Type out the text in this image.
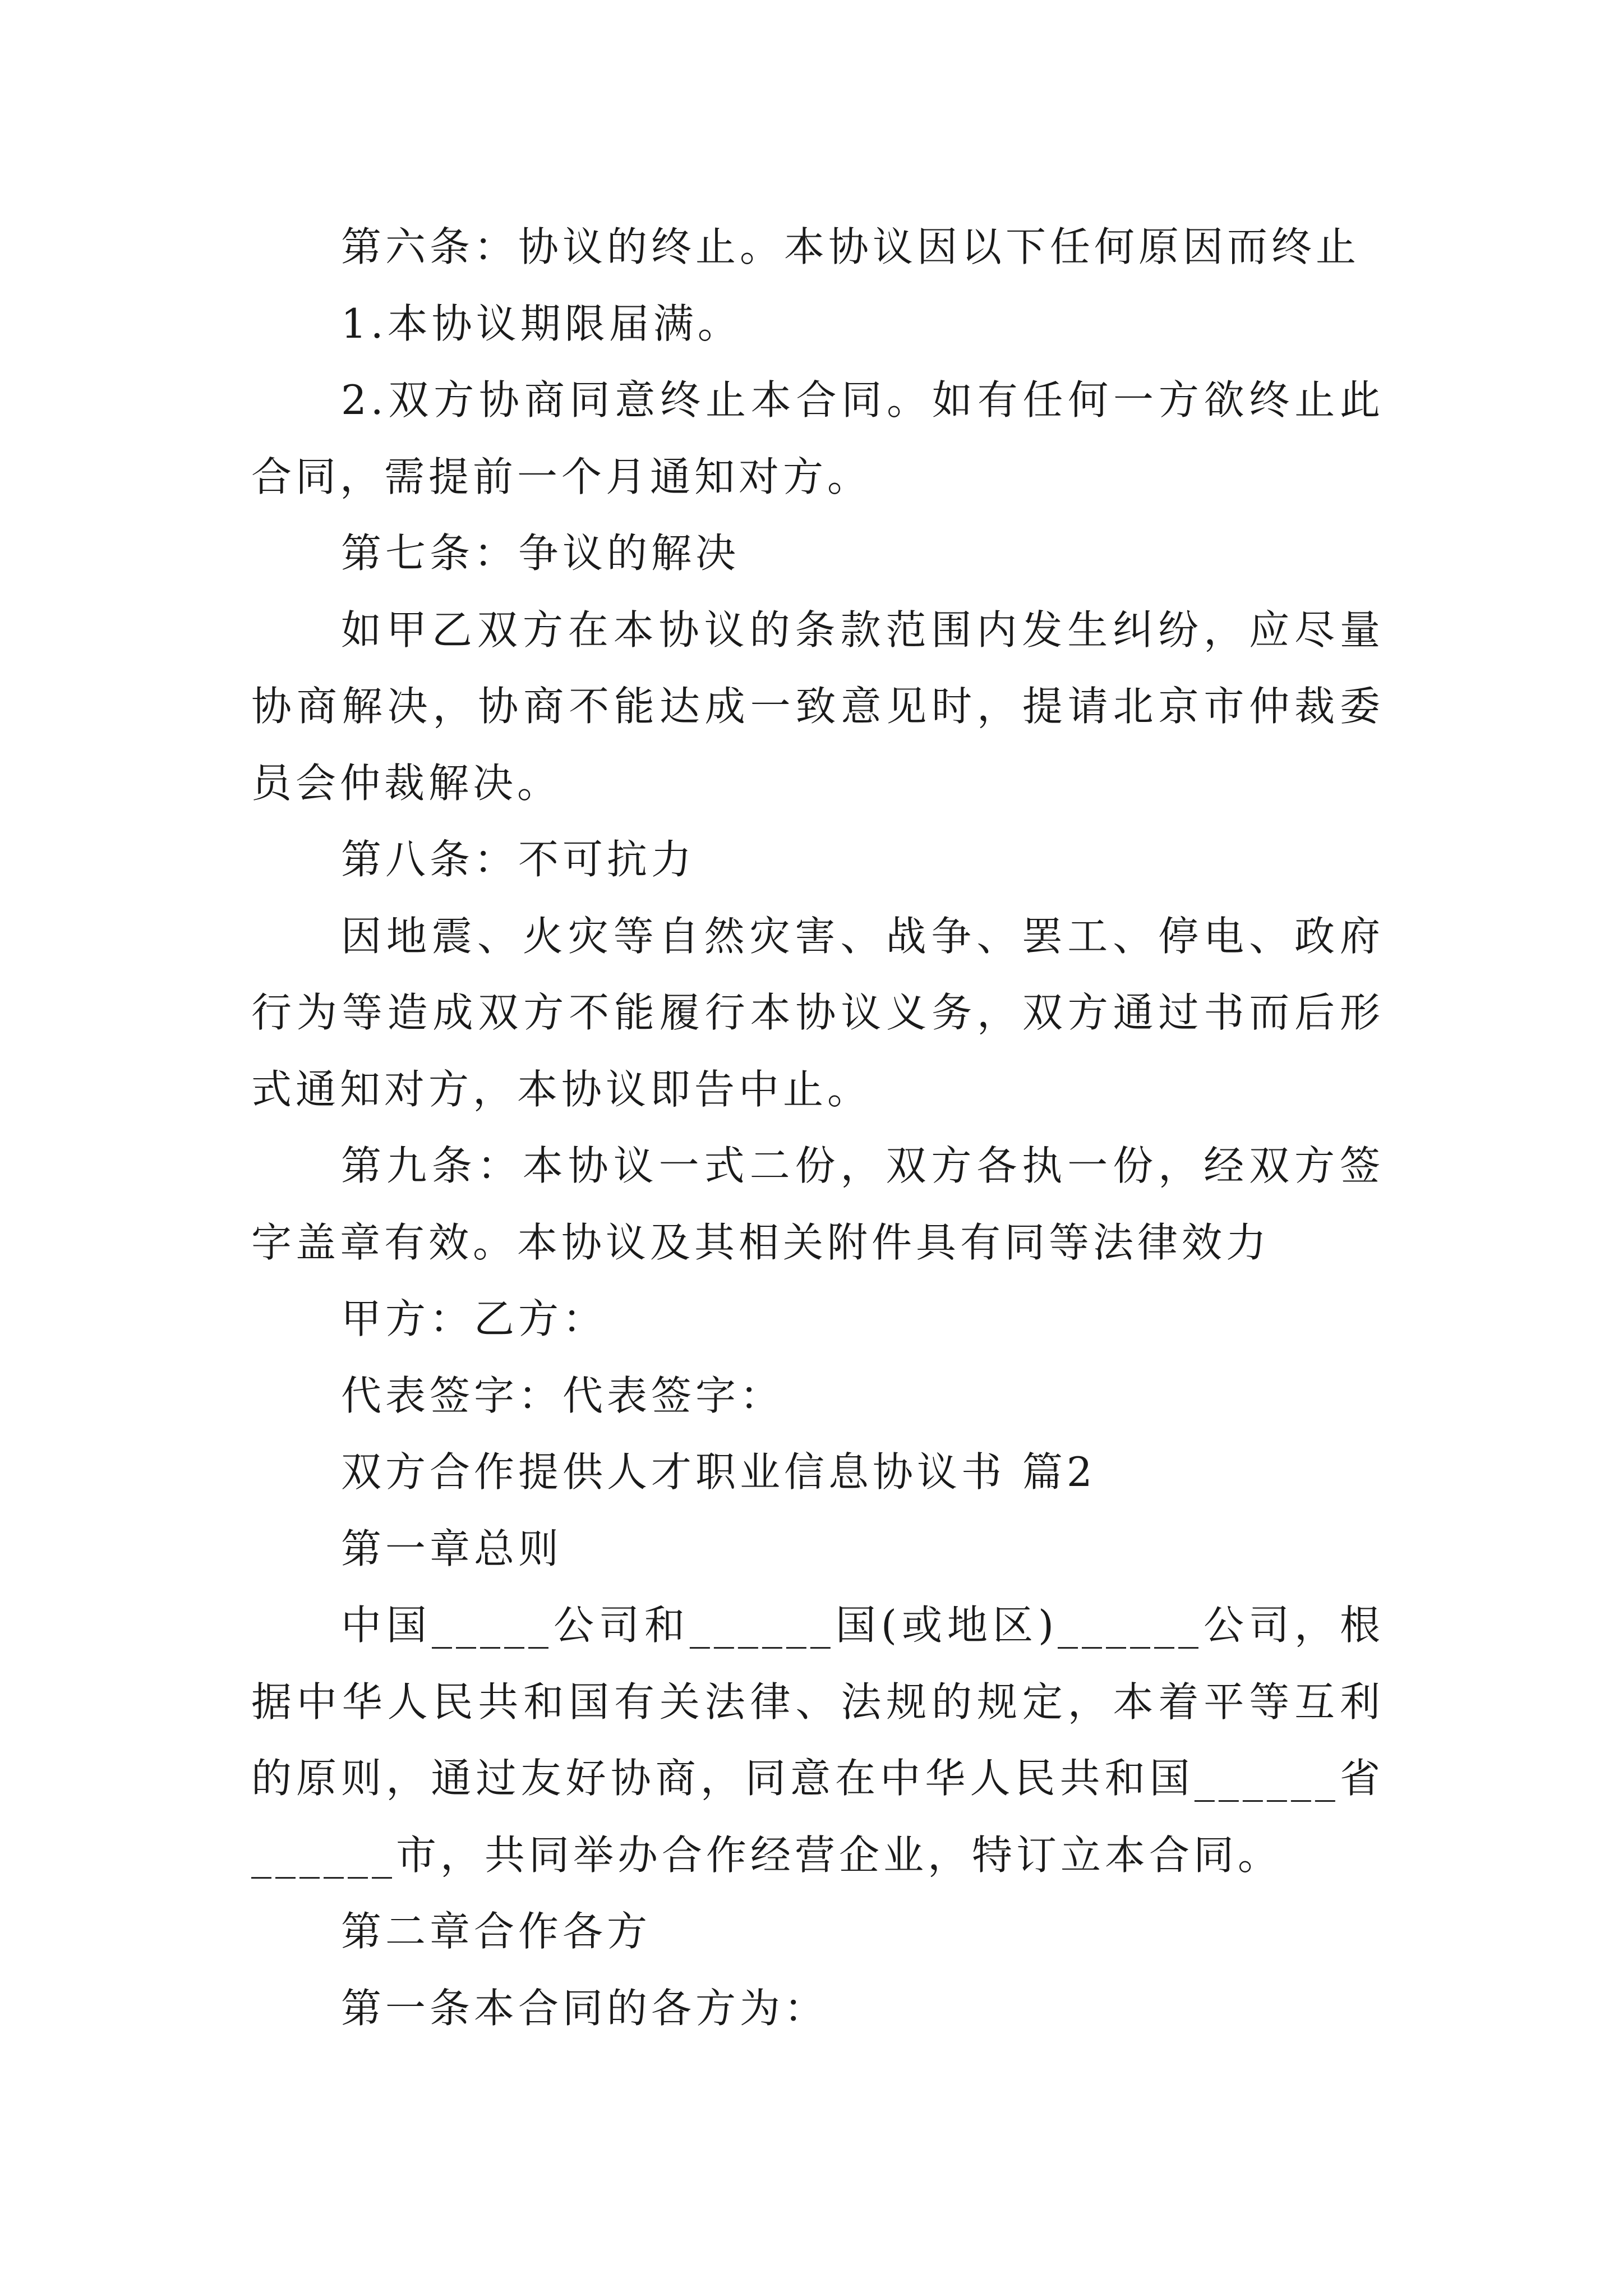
第六条：协议的终止。本协议因以下任何原因而终止

1.本协议期限届满。

2.双方协商同意终止本合同。如有任何一方欲终止此合同，需提前一个月通知对方。

第七条：争议的解决

如甲乙双方在本协议的条款范围内发生纠纷，应尽量协商解决，协商不能达成一致意见时，提请北京市仲裁委员会仲裁解决。

第八条：不可抗力

因地震、火灾等自然灾害、战争、罢工、停电、政府行为等造成双方不能履行本协议义务，双方通过书而后形式通知对方，本协议即告中止。

第九条：本协议一式二份，双方各执一份，经双方签字盖章有效。本协议及其相关附件具有同等法律效力

甲方：乙方：

代表签字：代表签字：

双方合作提供人才职业信息协议书 篇2

第一章总则

中国_____公司和______国(或地区)______公司，根据中华人民共和国有关法律、法规的规定，本着平等互利的原则，通过友好协商，同意在中华人民共和国______省______市，共同举办合作经营企业，特订立本合同。

第二章合作各方

第一条本合同的各方为：
